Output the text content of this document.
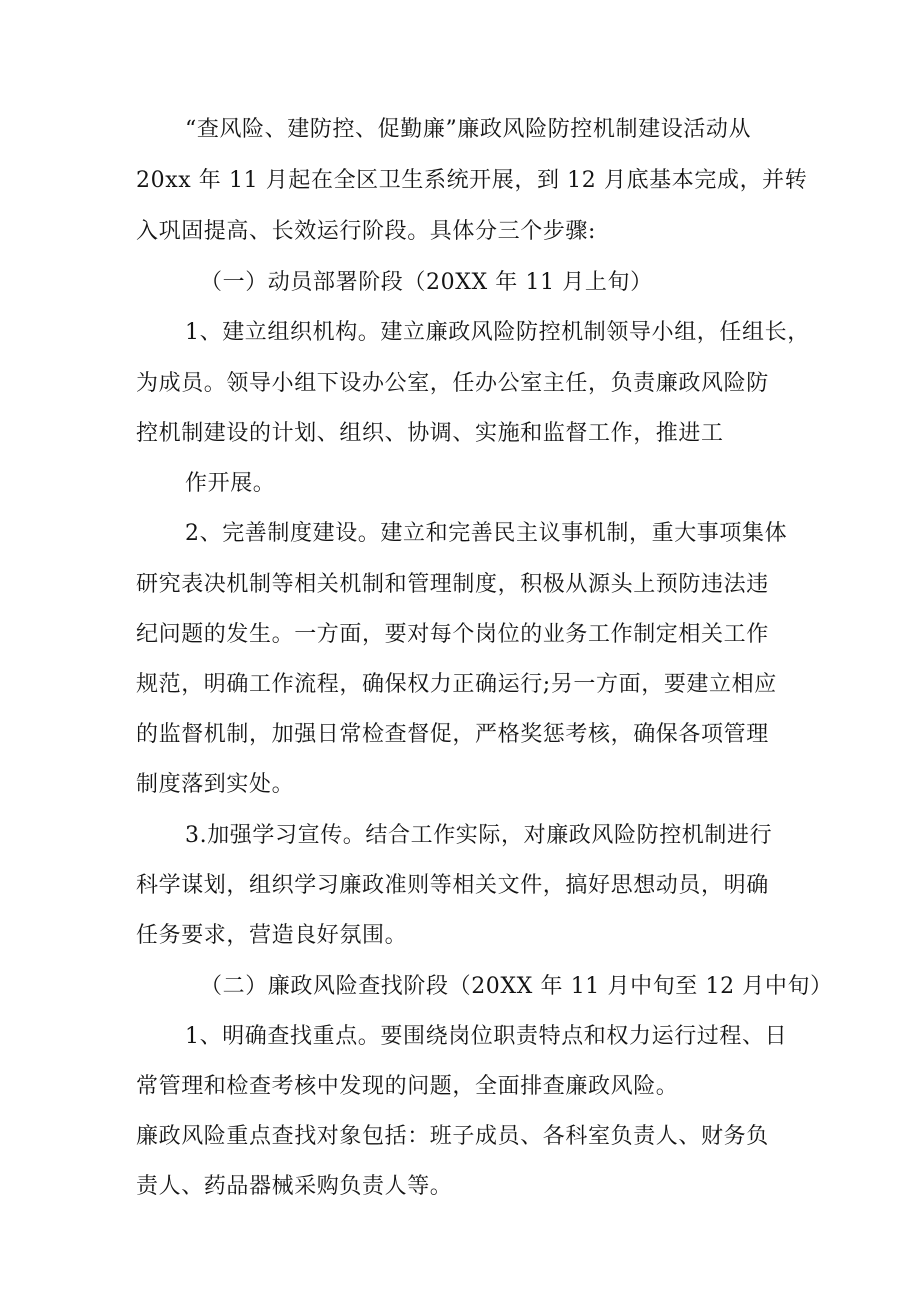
“查风险、建防控、促勤廉”廉政风险防控机制建设活动从
20xx 年 11 月起在全区卫生系统开展，到 12 月底基本完成，并转
入巩固提高、长效运行阶段。具体分三个步骤:
（一）动员部署阶段（20XX 年 11 月上旬）
1、建立组织机构。建立廉政风险防控机制领导小组，任组长，
为成员。领导小组下设办公室，任办公室主任，负责廉政风险防
控机制建设的计划、组织、协调、实施和监督工作，推进工
作开展。
2、完善制度建设。建立和完善民主议事机制，重大事项集体
研究表决机制等相关机制和管理制度，积极从源头上预防违法违
纪问题的发生。一方面，要对每个岗位的业务工作制定相关工作
规范，明确工作流程，确保权力正确运行;另一方面，要建立相应
的监督机制，加强日常检查督促，严格奖惩考核，确保各项管理
制度落到实处。
3.加强学习宣传。结合工作实际，对廉政风险防控机制进行
科学谋划，组织学习廉政准则等相关文件，搞好思想动员，明确
任务要求，营造良好氛围。
（二）廉政风险查找阶段（20XX 年 11 月中旬至 12 月中旬）
1、明确查找重点。要围绕岗位职责特点和权力运行过程、日
常管理和检查考核中发现的问题，全面排查廉政风险。
廉政风险重点查找对象包括：班子成员、各科室负责人、财务负
责人、药品器械采购负责人等。
